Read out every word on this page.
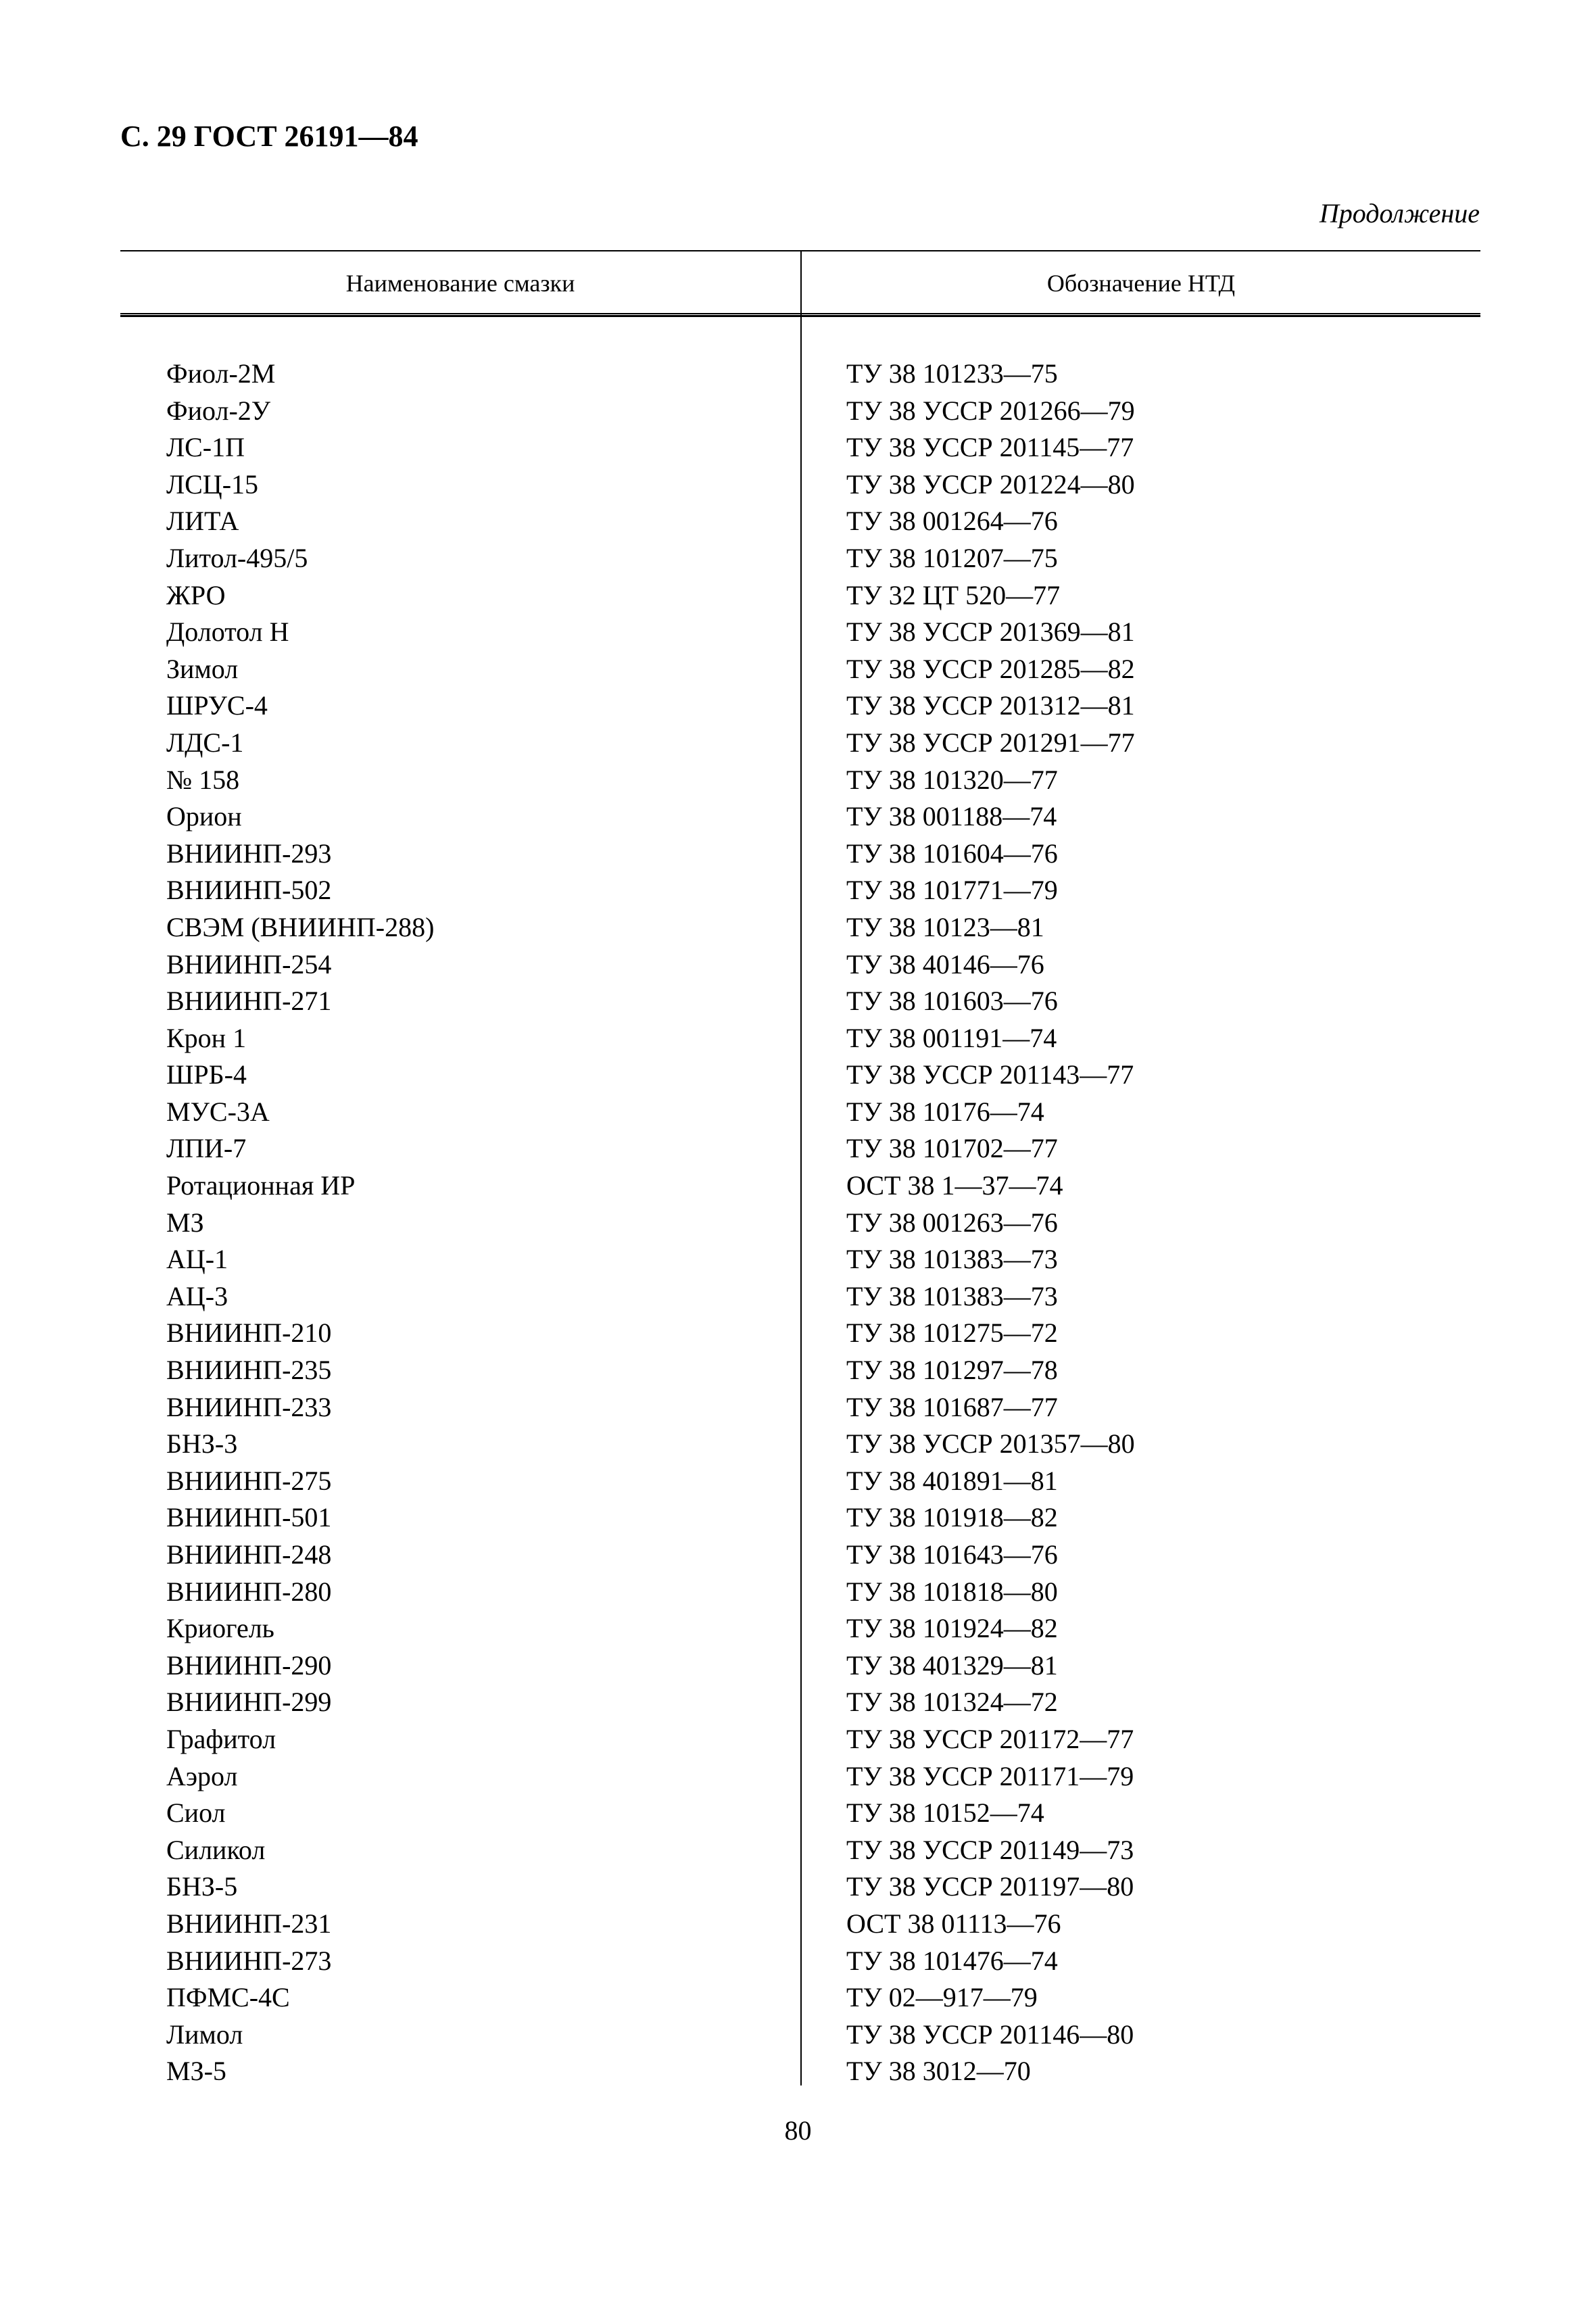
С. 29 ГОСТ 26191—84
Продолжение
Наименование смазки	Обозначение НТД
Фиол-2М	ТУ 38 101233—75
Фиол-2У	ТУ 38 УССР 201266—79
ЛС-1П	ТУ 38 УССР 201145—77
ЛСЦ-15	ТУ 38 УССР 201224—80
ЛИТА	ТУ 38 001264—76
Литол-495/5	ТУ 38 101207—75
ЖРО	ТУ 32 ЦТ 520—77
Долотол Н	ТУ 38 УССР 201369—81
Зимол	ТУ 38 УССР 201285—82
ШРУС-4	ТУ 38 УССР 201312—81
ЛДС-1	ТУ 38 УССР 201291—77
№ 158	ТУ 38 101320—77
Орион	ТУ 38 001188—74
ВНИИНП-293	ТУ 38 101604—76
ВНИИНП-502	ТУ 38 101771—79
СВЭМ (ВНИИНП-288)	ТУ 38 10123—81
ВНИИНП-254	ТУ 38 40146—76
ВНИИНП-271	ТУ 38 101603—76
Крон 1	ТУ 38 001191—74
ШРБ-4	ТУ 38 УССР 201143—77
МУС-3А	ТУ 38 10176—74
ЛПИ-7	ТУ 38 101702—77
Ротационная ИР	ОСТ 38 1—37—74
МЗ	ТУ 38 001263—76
АЦ-1	ТУ 38 101383—73
АЦ-3	ТУ 38 101383—73
ВНИИНП-210	ТУ 38 101275—72
ВНИИНП-235	ТУ 38 101297—78
ВНИИНП-233	ТУ 38 101687—77
БНЗ-3	ТУ 38 УССР 201357—80
ВНИИНП-275	ТУ 38 401891—81
ВНИИНП-501	ТУ 38 101918—82
ВНИИНП-248	ТУ 38 101643—76
ВНИИНП-280	ТУ 38 101818—80
Криогель	ТУ 38 101924—82
ВНИИНП-290	ТУ 38 401329—81
ВНИИНП-299	ТУ 38 101324—72
Графитол	ТУ 38 УССР 201172—77
Аэрол	ТУ 38 УССР 201171—79
Сиол	ТУ 38 10152—74
Силикол	ТУ 38 УССР 201149—73
БНЗ-5	ТУ 38 УССР 201197—80
ВНИИНП-231	ОСТ 38 01113—76
ВНИИНП-273	ТУ 38 101476—74
ПФМС-4С	ТУ 02—917—79
Лимол	ТУ 38 УССР 201146—80
МЗ-5	ТУ 38 3012—70
80
